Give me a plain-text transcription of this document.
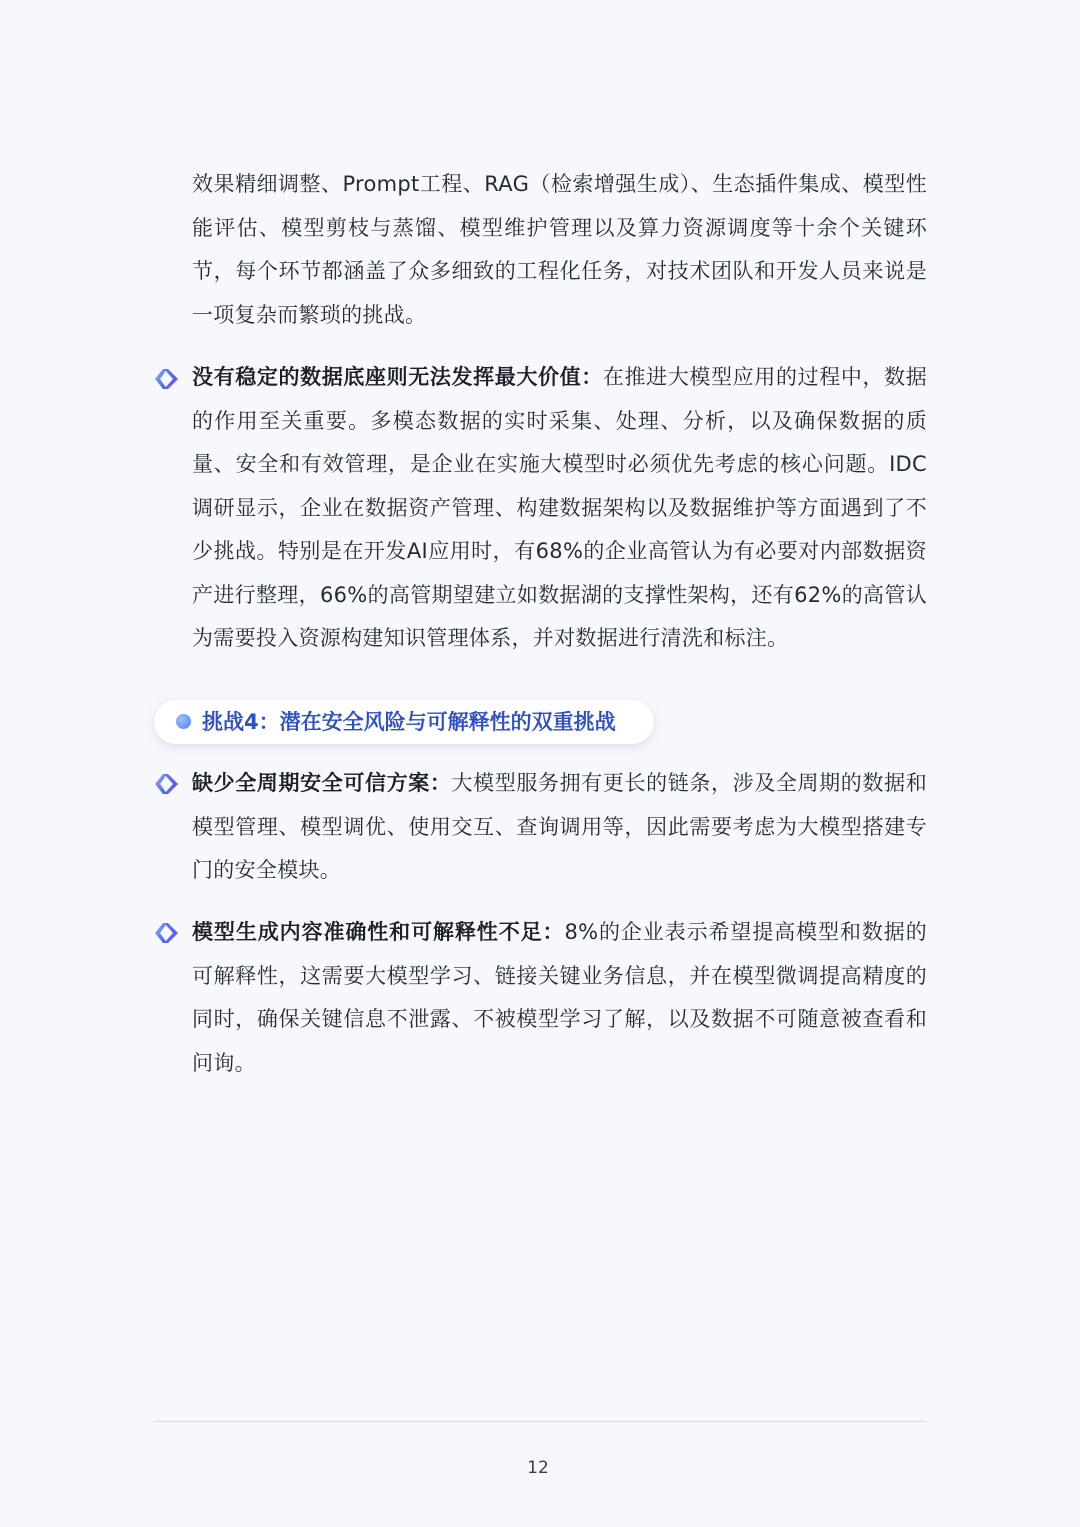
效果精细调整、Prompt工程、RAG（检索增强生成）、生态插件集成、模型性能评估、模型剪枝与蒸馏、模型维护管理以及算力资源调度等十余个关键环节，每个环节都涵盖了众多细致的工程化任务，对技术团队和开发人员来说是一项复杂而繁琐的挑战。

没有稳定的数据底座则无法发挥最大价值：在推进大模型应用的过程中，数据的作用至关重要。多模态数据的实时采集、处理、分析，以及确保数据的质量、安全和有效管理，是企业在实施大模型时必须优先考虑的核心问题。IDC调研显示，企业在数据资产管理、构建数据架构以及数据维护等方面遇到了不少挑战。特别是在开发AI应用时，有68%的企业高管认为有必要对内部数据资产进行整理，66%的高管期望建立如数据湖的支撑性架构，还有62%的高管认为需要投入资源构建知识管理体系，并对数据进行清洗和标注。

挑战4：潜在安全风险与可解释性的双重挑战

缺少全周期安全可信方案：大模型服务拥有更长的链条，涉及全周期的数据和模型管理、模型调优、使用交互、查询调用等，因此需要考虑为大模型搭建专门的安全模块。

模型生成内容准确性和可解释性不足：8%的企业表示希望提高模型和数据的可解释性，这需要大模型学习、链接关键业务信息，并在模型微调提高精度的同时，确保关键信息不泄露、不被模型学习了解，以及数据不可随意被查看和问询。

12
